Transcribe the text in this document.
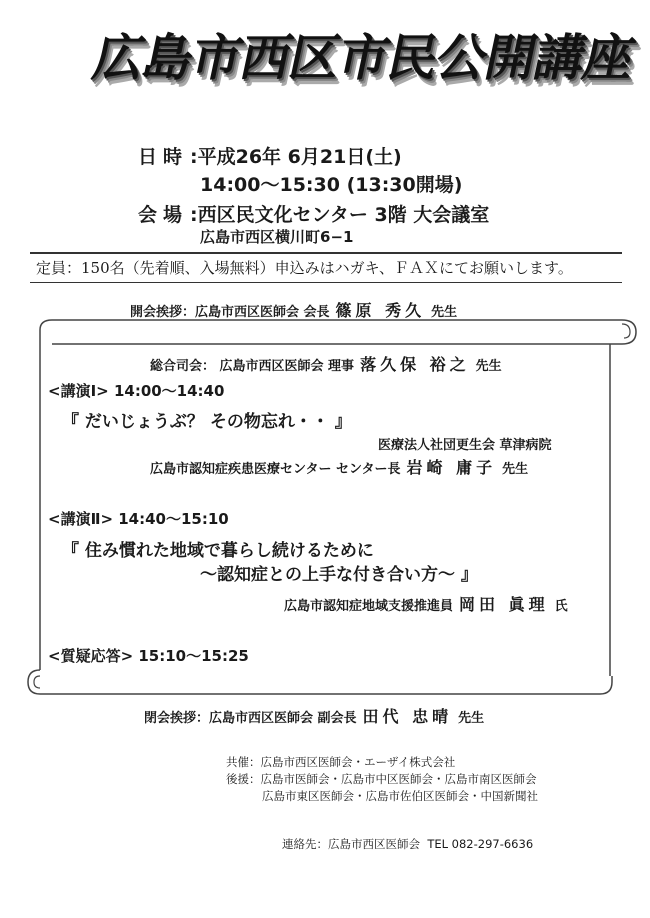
広島市西区市民公開講座
日時 :平成26年 6月21日(土)
14:00〜15:30 (13:30開場)
会場 :西区民文化センター 3階 大会議室
広島市西区横川町6−1
定員：150名（先着順、入場無料）申込みはハガキ、ＦＡＸにてお願いします。
開会挨拶：広島市西区医師会 会長 篠原 秀久 先生
総合司会： 広島市西区医師会 理事 落久保 裕之 先生
<講演Ⅰ> 14:00〜14:40
『 だいじょうぶ？ その物忘れ・・ 』
医療法人社団更生会 草津病院
広島市認知症疾患医療センター センター長 岩崎 庸子 先生
<講演Ⅱ> 14:40〜15:10
『 住み慣れた地域で暮らし続けるために
〜認知症との上手な付き合い方〜 』
広島市認知症地域支援推進員 岡田 眞理 氏
<質疑応答> 15:10〜15:25
閉会挨拶：広島市西区医師会 副会長 田代 忠晴 先生
共催：広島市西区医師会・エーザイ株式会社
後援：広島市医師会・広島市中区医師会・広島市南区医師会
広島市東区医師会・広島市佐伯区医師会・中国新聞社
連絡先：広島市西区医師会 TEL 082-297-6636
